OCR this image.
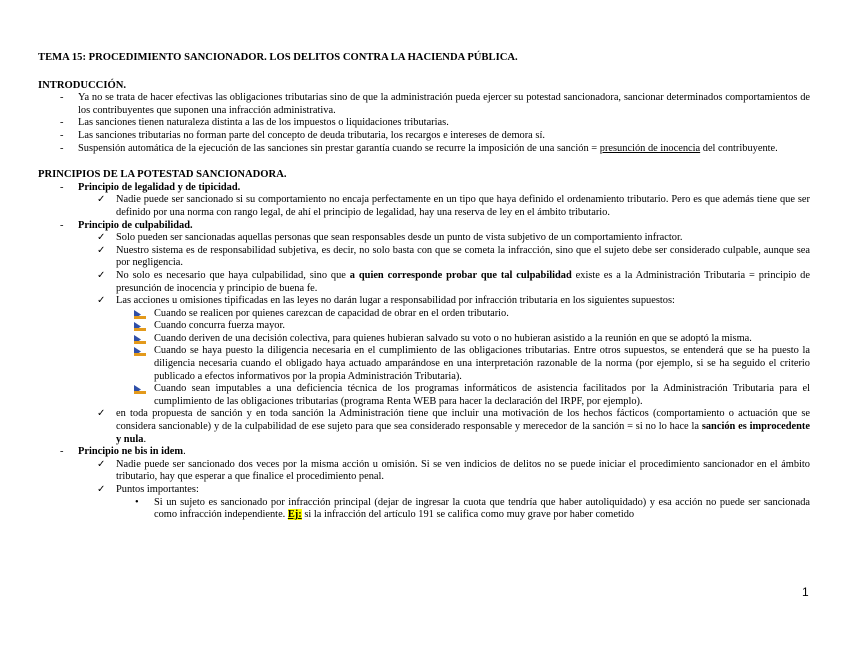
TEMA 15: PROCEDIMIENTO SANCIONADOR. LOS DELITOS CONTRA LA HACIENDA PÚBLICA.
INTRODUCCIÓN.
- Ya no se trata de hacer efectivas las obligaciones tributarias sino de que la administración pueda ejercer su potestad sancionadora, sancionar determinados comportamientos de los contribuyentes que suponen una infracción administrativa.
- Las sanciones tienen naturaleza distinta a las de los impuestos o liquidaciones tributarias.
- Las sanciones tributarias no forman parte del concepto de deuda tributaria, los recargos e intereses de demora sí.
- Suspensión automática de la ejecución de las sanciones sin prestar garantía cuando se recurre la imposición de una sanción = presunción de inocencia del contribuyente.
PRINCIPIOS DE LA POTESTAD SANCIONADORA.
- Principio de legalidad y de tipicidad.
✓ Nadie puede ser sancionado si su comportamiento no encaja perfectamente en un tipo que haya definido el ordenamiento tributario. Pero es que además tiene que ser definido por una norma con rango legal, de ahí el principio de legalidad, hay una reserva de ley en el ámbito tributario.
- Principio de culpabilidad.
✓ Solo pueden ser sancionadas aquellas personas que sean responsables desde un punto de vista subjetivo de un comportamiento infractor.
✓ Nuestro sistema es de responsabilidad subjetiva, es decir, no solo basta con que se cometa la infracción, sino que el sujeto debe ser considerado culpable, aunque sea por negligencia.
✓ No solo es necesario que haya culpabilidad, sino que a quien corresponde probar que tal culpabilidad existe es a la Administración Tributaria = principio de presunción de inocencia y principio de buena fe.
✓ Las acciones u omisiones tipificadas en las leyes no darán lugar a responsabilidad por infracción tributaria en los siguientes supuestos:
Cuando se realicen por quienes carezcan de capacidad de obrar en el orden tributario.
Cuando concurra fuerza mayor.
Cuando deriven de una decisión colectiva, para quienes hubieran salvado su voto o no hubieran asistido a la reunión en que se adoptó la misma.
Cuando se haya puesto la diligencia necesaria en el cumplimiento de las obligaciones tributarias. Entre otros supuestos, se entenderá que se ha puesto la diligencia necesaria cuando el obligado haya actuado amparándose en una interpretación razonable de la norma (por ejemplo, si se ha seguido el criterio publicado a efectos informativos por la propia Administración Tributaria).
Cuando sean imputables a una deficiencia técnica de los programas informáticos de asistencia facilitados por la Administración Tributaria para el cumplimiento de las obligaciones tributarias (programa Renta WEB para hacer la declaración del IRPF, por ejemplo).
✓ en toda propuesta de sanción y en toda sanción la Administración tiene que incluir una motivación de los hechos fácticos (comportamiento o actuación que se considera sancionable) y de la culpabilidad de ese sujeto para que sea considerado responsable y merecedor de la sanción = si no lo hace la sanción es improcedente y nula.
- Principio ne bis in idem.
✓ Nadie puede ser sancionado dos veces por la misma acción u omisión. Si se ven indicios de delitos no se puede iniciar el procedimiento sancionador en el ámbito tributario, hay que esperar a que finalice el procedimiento penal.
✓ Puntos importantes:
• Si un sujeto es sancionado por infracción principal (dejar de ingresar la cuota que tendría que haber autoliquidado) y esa acción no puede ser sancionada como infracción independiente. Ej: si la infracción del artículo 191 se califica como muy grave por haber cometido
1
